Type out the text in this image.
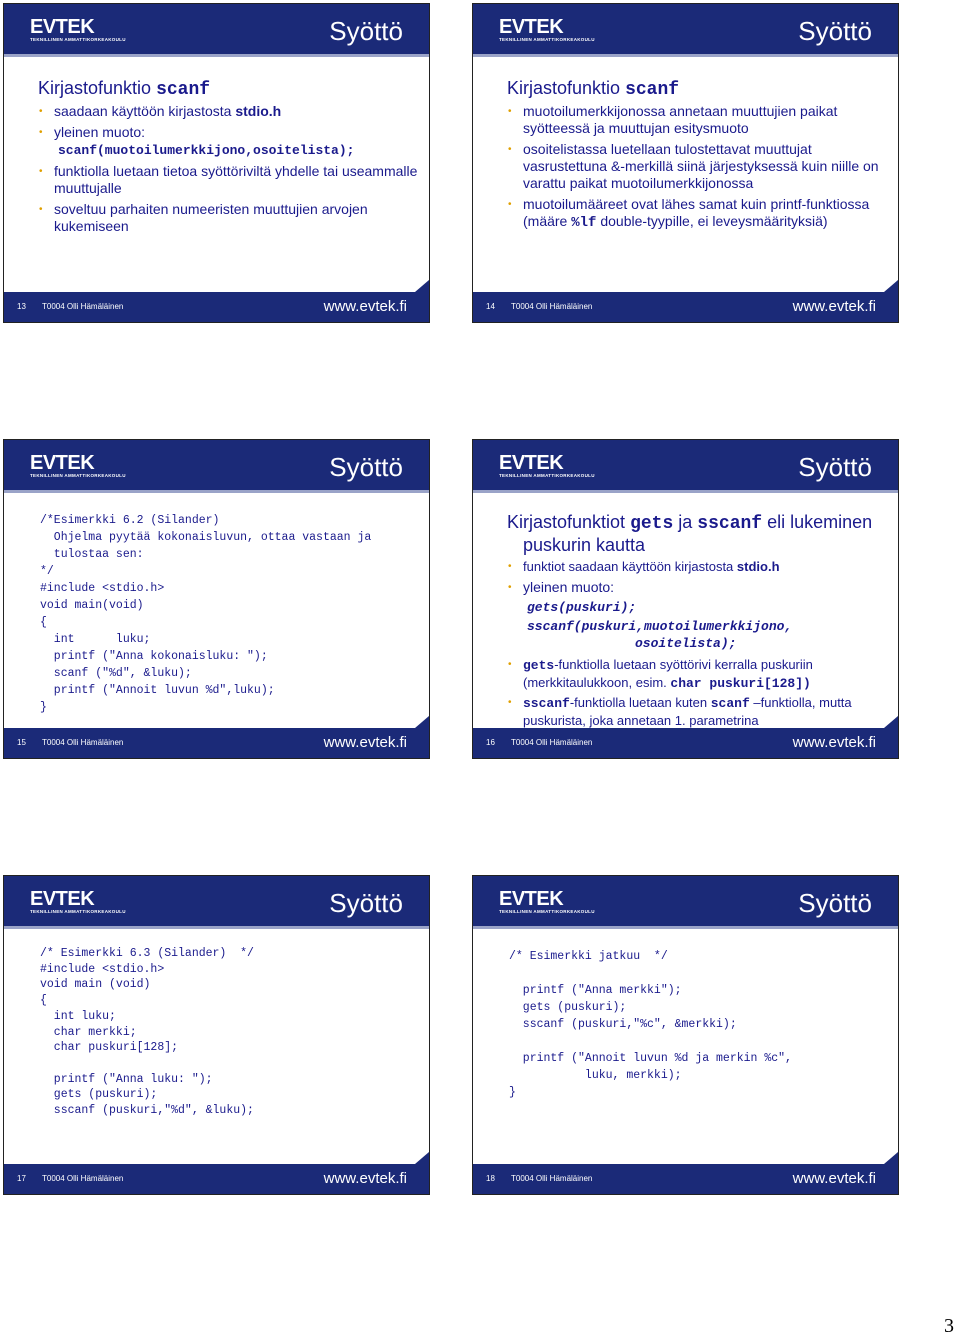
EVTEK
TEKNILLINEN AMMATTIKORKEAKOULU	Syöttö
Kirjastofunktio scanf
• saadaan käyttöön kirjastosta stdio.h
• yleinen muoto:
scanf(muotoilumerkkijono,osoitelista);
• funktiolla luetaan tietoa syöttöriviltä yhdelle tai useammalle muuttujalle
• soveltuu parhaiten numeeristen muuttujien arvojen kukemiseen
13 T0004 Olli Hämäläinen	www.evtek.fi
EVTEK
TEKNILLINEN AMMATTIKORKEAKOULU	Syöttö
Kirjastofunktio scanf
• muotoilumerkkijonossa annetaan muuttujien paikat syötteessä ja muuttujan esitysmuoto
• osoitelistassa luetellaan tulostettavat muuttujat vasrustettuna &-merkillä siinä järjestyksessä kuin niille on varattu paikat muotoilumerkkijonossa
• muotoilumääreet ovat lähes samat kuin printf-funktiossa (määre %lf double-tyypille, ei leveysmäärityksiä)
14 T0004 Olli Hämäläinen	www.evtek.fi
EVTEK
TEKNILLINEN AMMATTIKORKEAKOULU	Syöttö
/*Esimerkki 6.2 (Silander)
Ohjelma pyytää kokonaisluvun, ottaa vastaan ja
tulostaa sen:
*/
#include <stdio.h>
void main(void)
{
int      luku;
printf ("Anna kokonaisluku: ");
scanf ("%d", &luku);
printf ("Annoit luvun %d",luku);
}
15 T0004 Olli Hämäläinen	www.evtek.fi
EVTEK
TEKNILLINEN AMMATTIKORKEAKOULU	Syöttö
Kirjastofunktiot gets ja sscanf eli lukeminen puskurin kautta
• funktiot saadaan käyttöön kirjastosta stdio.h
• yleinen muoto:
gets(puskuri);
sscanf(puskuri,muotoilumerkkijono,
osoitelista);
• gets-funktiolla luetaan syöttörivi kerralla puskuriin (merkkitaulukkoon, esim. char puskuri[128])
• sscanf-funktiolla luetaan kuten scanf –funktiolla, mutta puskurista, joka annetaan 1. parametrina
16 T0004 Olli Hämäläinen	www.evtek.fi
EVTEK
TEKNILLINEN AMMATTIKORKEAKOULU	Syöttö
/* Esimerkki 6.3 (Silander)  */
#include <stdio.h>
void main (void)
{
int luku;
char merkki;
char puskuri[128];

printf ("Anna luku: ");
gets (puskuri);
sscanf (puskuri,"%d", &luku);
17 T0004 Olli Hämäläinen	www.evtek.fi
EVTEK
TEKNILLINEN AMMATTIKORKEAKOULU	Syöttö
/* Esimerkki jatkuu  */

printf ("Anna merkki");
gets (puskuri);
sscanf (puskuri,"%c", &merkki);

printf ("Annoit luvun %d ja merkin %c",
luku, merkki);
}
18 T0004 Olli Hämäläinen	www.evtek.fi
3
